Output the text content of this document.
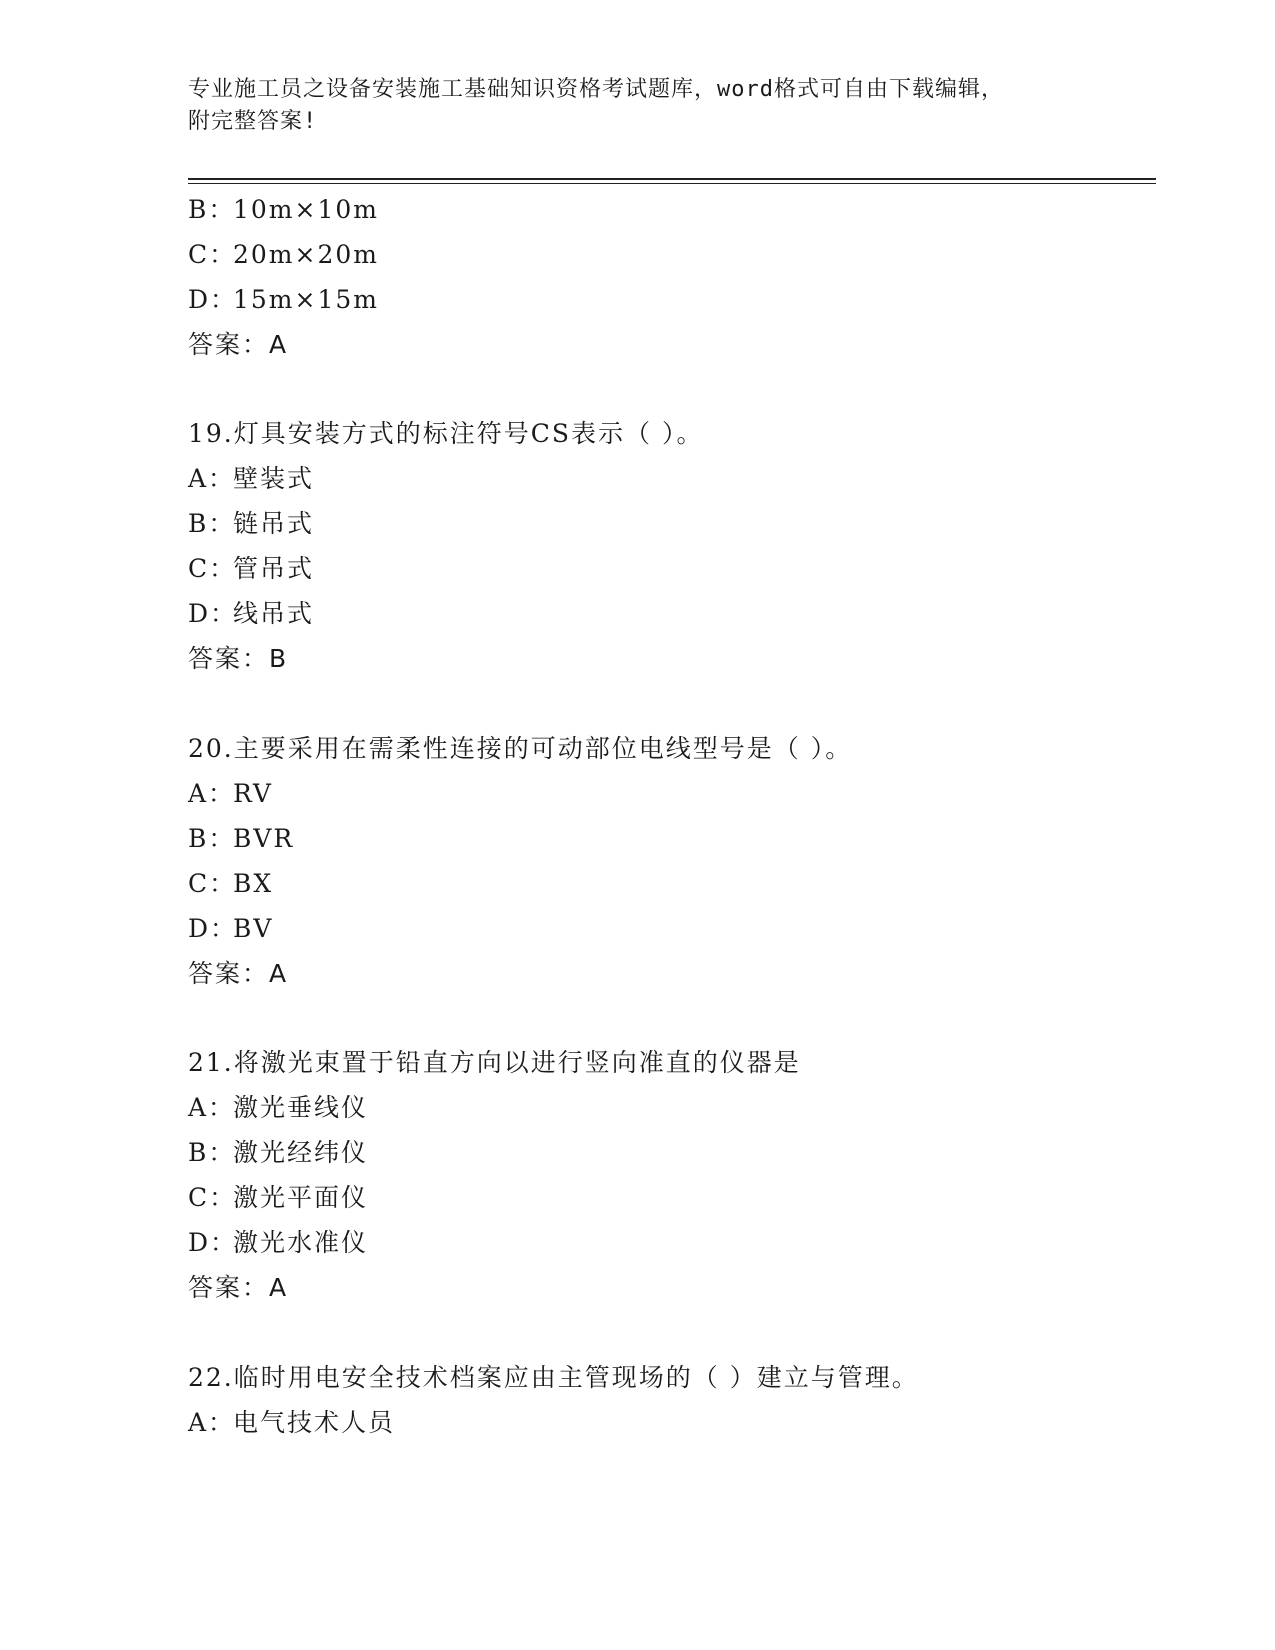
专业施工员之设备安装施工基础知识资格考试题库，word格式可自由下载编辑，
附完整答案!
B：10m×10m
C：20m×20m
D：15m×15m
答案：A
19.灯具安装方式的标注符号CS表示（ ）。
A：壁装式
B：链吊式
C：管吊式
D：线吊式
答案：B
20.主要采用在需柔性连接的可动部位电线型号是（ ）。
A：RV
B：BVR
C：BX
D：BV
答案：A
21.将激光束置于铅直方向以进行竖向准直的仪器是
A：激光垂线仪
B：激光经纬仪
C：激光平面仪
D：激光水准仪
答案：A
22.临时用电安全技术档案应由主管现场的（ ）建立与管理。
A：电气技术人员
